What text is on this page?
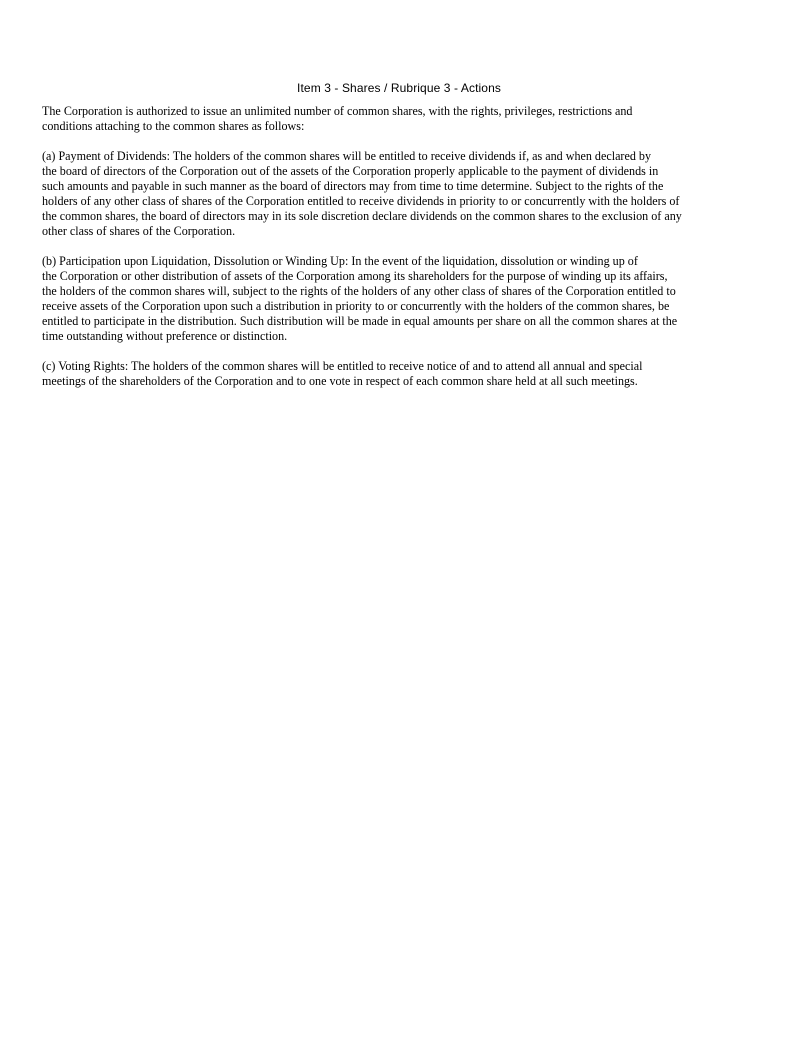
Item 3 - Shares / Rubrique 3 - Actions

The Corporation is authorized to issue an unlimited number of common shares, with the rights, privileges, restrictions and
conditions attaching to the common shares as follows:

(a) Payment of Dividends: The holders of the common shares will be entitled to receive dividends if, as and when declared by
the board of directors of the Corporation out of the assets of the Corporation properly applicable to the payment of dividends in
such amounts and payable in such manner as the board of directors may from time to time determine. Subject to the rights of the
holders of any other class of shares of the Corporation entitled to receive dividends in priority to or concurrently with the holders of
the common shares, the board of directors may in its sole discretion declare dividends on the common shares to the exclusion of any
other class of shares of the Corporation.

(b) Participation upon Liquidation, Dissolution or Winding Up: In the event of the liquidation, dissolution or winding up of
the Corporation or other distribution of assets of the Corporation among its shareholders for the purpose of winding up its affairs,
the holders of the common shares will, subject to the rights of the holders of any other class of shares of the Corporation entitled to
receive assets of the Corporation upon such a distribution in priority to or concurrently with the holders of the common shares, be
entitled to participate in the distribution. Such distribution will be made in equal amounts per share on all the common shares at the
time outstanding without preference or distinction.

(c) Voting Rights: The holders of the common shares will be entitled to receive notice of and to attend all annual and special
meetings of the shareholders of the Corporation and to one vote in respect of each common share held at all such meetings.
